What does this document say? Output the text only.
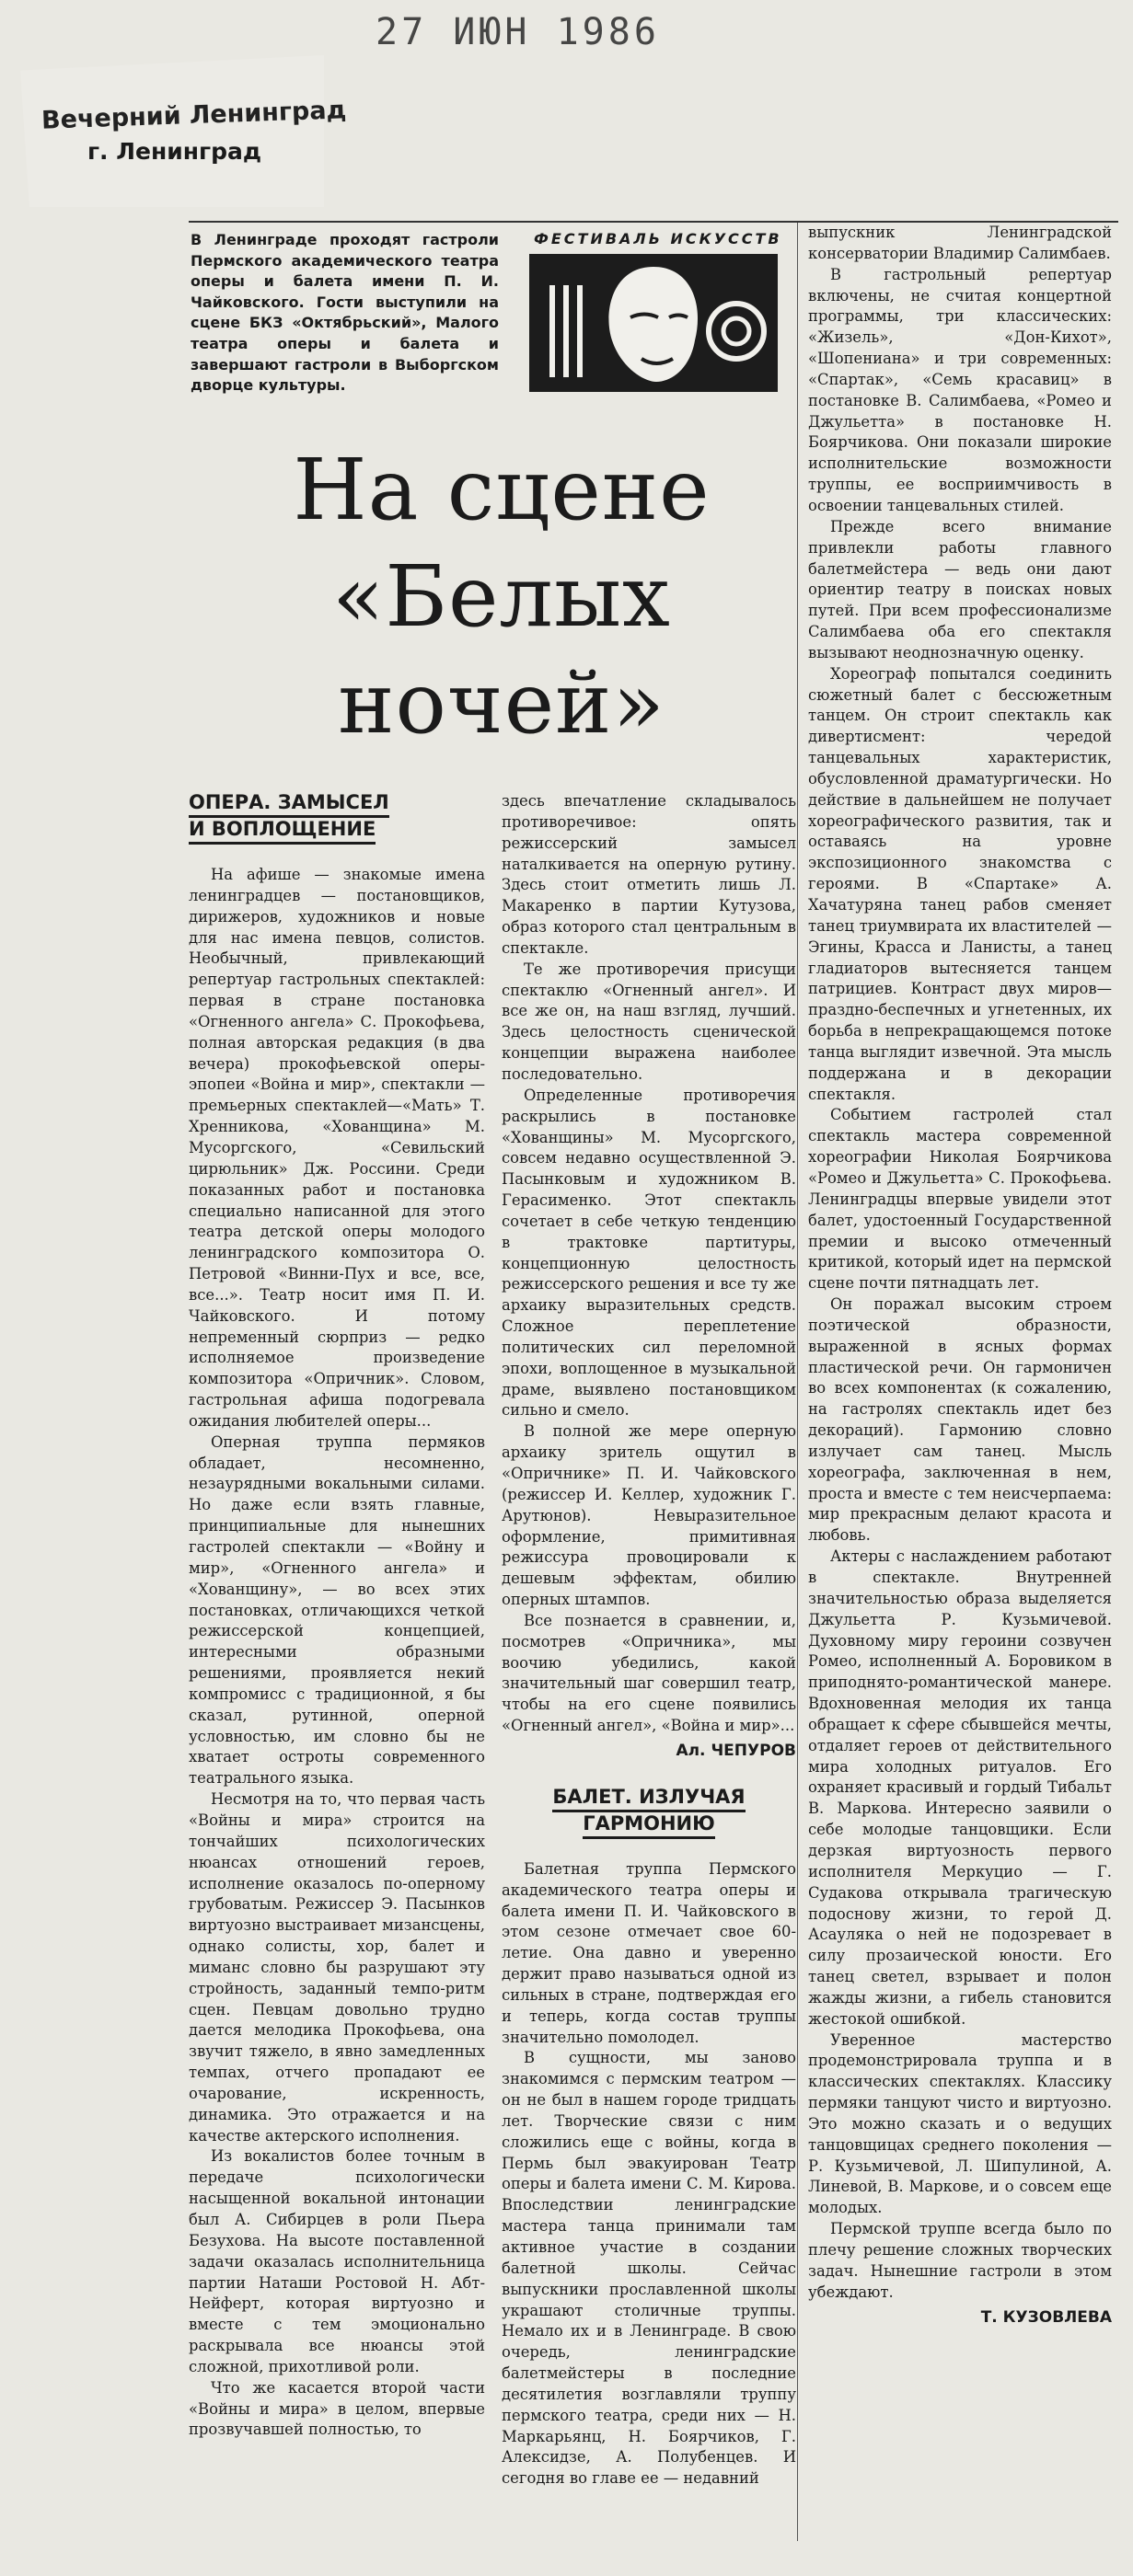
27 ИЮН 1986
Вечерний Ленинград
г. Ленинград
В Ленинграде проходят гастроли Пермского академического театра оперы и балета имени П. И. Чайковского. Гости выступили на сцене БКЗ «Октябрьский», Малого театра оперы и балета и завершают гастроли в Выборгском дворце культуры.
ФЕСТИВАЛЬ ИСКУССТВ
На сцене
«Белых
ночей»
ОПЕРА. ЗАМЫСЕЛ
И ВОПЛОЩЕНИЕ

На афише — знакомые имена ленинградцев — постановщиков, дирижеров, художников и новые для нас имена певцов, солистов. Необычный, привлекающий репертуар гастрольных спектаклей: первая в стране постановка «Огненного ангела» С. Прокофьева, полная авторская редакция (в два вечера) прокофьевской оперы-эпопеи «Война и мир», спектакли — премьерных спектаклей—«Мать» Т. Хренникова, «Хованщина» М. Мусоргского, «Севильский цирюльник» Дж. Россини. Среди показанных работ и постановка специально написанной для этого театра детской оперы молодого ленинградского композитора О. Петровой «Винни-Пух и все, все, все...». Театр носит имя П. И. Чайковского. И потому непременный сюрприз — редко исполняемое произведение композитора «Опричник». Словом, гастрольная афиша подогревала ожидания любителей оперы...

Оперная труппа пермяков обладает, несомненно, незаурядными вокальными силами. Но даже если взять главные, принципиальные для нынешних гастролей спектакли — «Войну и мир», «Огненного ангела» и «Хованщину», — во всех этих постановках, отличающихся четкой режиссерской концепцией, интересными образными решениями, проявляется некий компромисс с традиционной, я бы сказал, рутинной, оперной условностью, им словно бы не хватает остроты современного театрального языка.

Несмотря на то, что первая часть «Войны и мира» строится на тончайших психологических нюансах отношений героев, исполнение оказалось по-оперному грубоватым. Режиссер Э. Пасынков виртуозно выстраивает мизансцены, однако солисты, хор, балет и миманс словно бы разрушают эту стройность, заданный темпо-ритм сцен. Певцам довольно трудно дается мелодика Прокофьева, она звучит тяжело, в явно замедленных темпах, отчего пропадают ее очарование, искренность, динамика. Это отражается и на качестве актерского исполнения.

Из вокалистов более точным в передаче психологически насыщенной вокальной интонации был А. Сибирцев в роли Пьера Безухова. На высоте поставленной задачи оказалась исполнительница партии Наташи Ростовой Н. Абт-Нейферт, которая виртуозно и вместе с тем эмоционально раскрывала все нюансы этой сложной, прихотливой роли.

Что же касается второй части «Войны и мира» в целом, впервые прозвучавшей полностью, то

здесь впечатление складывалось противоречивое: опять режиссерский замысел наталкивается на оперную рутину. Здесь стоит отметить лишь Л. Макаренко в партии Кутузова, образ которого стал центральным в спектакле.

Те же противоречия присущи спектаклю «Огненный ангел». И все же он, на наш взгляд, лучший. Здесь целостность сценической концепции выражена наиболее последовательно.

Определенные противоречия раскрылись в постановке «Хованщины» М. Мусоргского, совсем недавно осуществленной Э. Пасынковым и художником В. Герасименко. Этот спектакль сочетает в себе четкую тенденцию в трактовке партитуры, концепционную целостность режиссерского решения и все ту же архаику выразительных средств. Сложное переплетение политических сил переломной эпохи, воплощенное в музыкальной драме, выявлено постановщиком сильно и смело.

В полной же мере оперную архаику зритель ощутил в «Опричнике» П. И. Чайковского (режиссер И. Келлер, художник Г. Арутюнов). Невыразительное оформление, примитивная режиссура провоцировали к дешевым эффектам, обилию оперных штампов.

Все познается в сравнении, и, посмотрев «Опричника», мы воочию убедились, какой значительный шаг совершил театр, чтобы на его сцене появились «Огненный ангел», «Война и мир»...

Ал. ЧЕПУРОВ
БАЛЕТ. ИЗЛУЧАЯ
ГАРМОНИЮ

Балетная труппа Пермского академического театра оперы и балета имени П. И. Чайковского в этом сезоне отмечает свое 60-летие. Она давно и уверенно держит право называться одной из сильных в стране, подтверждая его и теперь, когда состав труппы значительно помолодел.

В сущности, мы заново знакомимся с пермским театром — он не был в нашем городе тридцать лет. Творческие связи с ним сложились еще с войны, когда в Пермь был эвакуирован Театр оперы и балета имени С. М. Кирова. Впоследствии ленинградские мастера танца принимали там активное участие в создании балетной школы. Сейчас выпускники прославленной школы украшают столичные труппы. Немало их и в Ленинграде. В свою очередь, ленинградские балетмейстеры в последние десятилетия возглавляли труппу пермского театра, среди них — Н. Маркарьянц, Н. Боярчиков, Г. Алексидзе, А. Полубенцев. И сегодня во главе ее — недавний

выпускник Ленинградской консерватории Владимир Салимбаев.

В гастрольный репертуар включены, не считая концертной программы, три классических: «Жизель», «Дон-Кихот», «Шопениана» и три современных: «Спартак», «Семь красавиц» в постановке В. Салимбаева, «Ромео и Джульетта» в постановке Н. Боярчикова. Они показали широкие исполнительские возможности труппы, ее восприимчивость в освоении танцевальных стилей.

Прежде всего внимание привлекли работы главного балетмейстера — ведь они дают ориентир театру в поисках новых путей. При всем профессионализме Салимбаева оба его спектакля вызывают неоднозначную оценку.

Хореограф попытался соединить сюжетный балет с бессюжетным танцем. Он строит спектакль как дивертисмент: чередой танцевальных характеристик, обусловленной драматургически. Но действие в дальнейшем не получает хореографического развития, так и оставаясь на уровне экспозиционного знакомства с героями. В «Спартаке» А. Хачатуряна танец рабов сменяет танец триумвирата их властителей — Эгины, Красса и Ланисты, а танец гладиаторов вытесняется танцем патрициев. Контраст двух миров—праздно-беспечных и угнетенных, их борьба в непрекращающемся потоке танца выглядит извечной. Эта мысль поддержана и в декорации спектакля.

Событием гастролей стал спектакль мастера современной хореографии Николая Боярчикова «Ромео и Джульетта» С. Прокофьева. Ленинградцы впервые увидели этот балет, удостоенный Государственной премии и высоко отмеченный критикой, который идет на пермской сцене почти пятнадцать лет.

Он поражал высоким строем поэтической образности, выраженной в ясных формах пластической речи. Он гармоничен во всех компонентах (к сожалению, на гастролях спектакль идет без декораций). Гармонию словно излучает сам танец. Мысль хореографа, заключенная в нем, проста и вместе с тем неисчерпаема: мир прекрасным делают красота и любовь.

Актеры с наслаждением работают в спектакле. Внутренней значительностью образа выделяется Джульетта Р. Кузьмичевой. Духовному миру героини созвучен Ромео, исполненный А. Боровиком в приподнято-романтической манере. Вдохновенная мелодия их танца обращает к сфере сбывшейся мечты, отдаляет героев от действительного мира холодных ритуалов. Его охраняет красивый и гордый Тибальт В. Маркова. Интересно заявили о себе молодые танцовщики. Если дерзкая виртуозность первого исполнителя Меркуцио — Г. Судакова открывала трагическую подоснову жизни, то герой Д. Асауляка о ней не подозревает в силу прозаической юности. Его танец светел, взрывает и полон жажды жизни, а гибель становится жестокой ошибкой.

Уверенное мастерство продемонстрировала труппа и в классических спектаклях. Классику пермяки танцуют чисто и виртуозно. Это можно сказать и о ведущих танцовщицах среднего поколения — Р. Кузьмичевой, Л. Шипулиной, А. Линевой, В. Маркове, и о совсем еще молодых.

Пермской труппе всегда было по плечу решение сложных творческих задач. Нынешние гастроли в этом убеждают.

Т. КУЗОВЛЕВА
